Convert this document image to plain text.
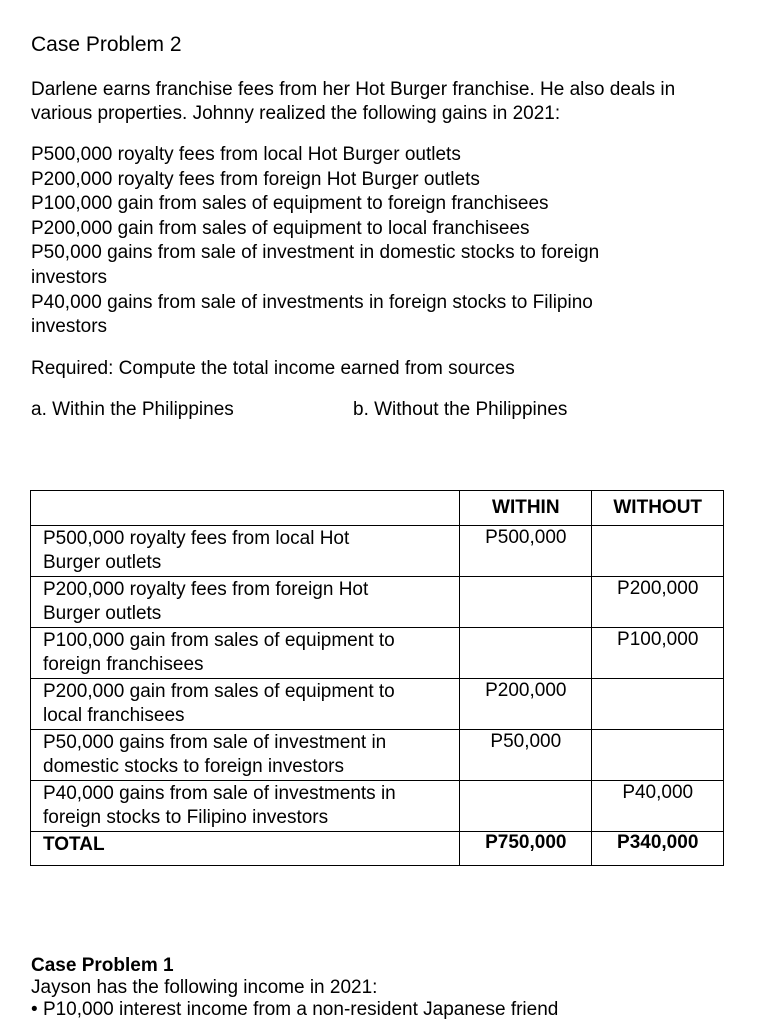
Case Problem 2
Darlene earns franchise fees from her Hot Burger franchise. He also deals in various properties. Johnny realized the following gains in 2021:
P500,000 royalty fees from local Hot Burger outlets
P200,000 royalty fees from foreign Hot Burger outlets
P100,000 gain from sales of equipment to foreign franchisees
P200,000 gain from sales of equipment to local franchisees
P50,000 gains from sale of investment in domestic stocks to foreign
investors
P40,000 gains from sale of investments in foreign stocks to Filipino
investors
Required: Compute the total income earned from sources
a. Within the Philippines	b. Without the Philippines
	WITHIN	WITHOUT

P500,000 royalty fees from local Hot
Burger outlets	P500,000	

P200,000 royalty fees from foreign Hot
Burger outlets		P200,000

P100,000 gain from sales of equipment to
foreign franchisees		P100,000

P200,000 gain from sales of equipment to
local franchisees	P200,000	

P50,000 gains from sale of investment in
domestic stocks to foreign investors	P50,000	

P40,000 gains from sale of investments in
foreign stocks to Filipino investors		P40,000

TOTAL	P750,000	P340,000
Case Problem 1
Jayson has the following income in 2021:
• P10,000 interest income from a non-resident Japanese friend
